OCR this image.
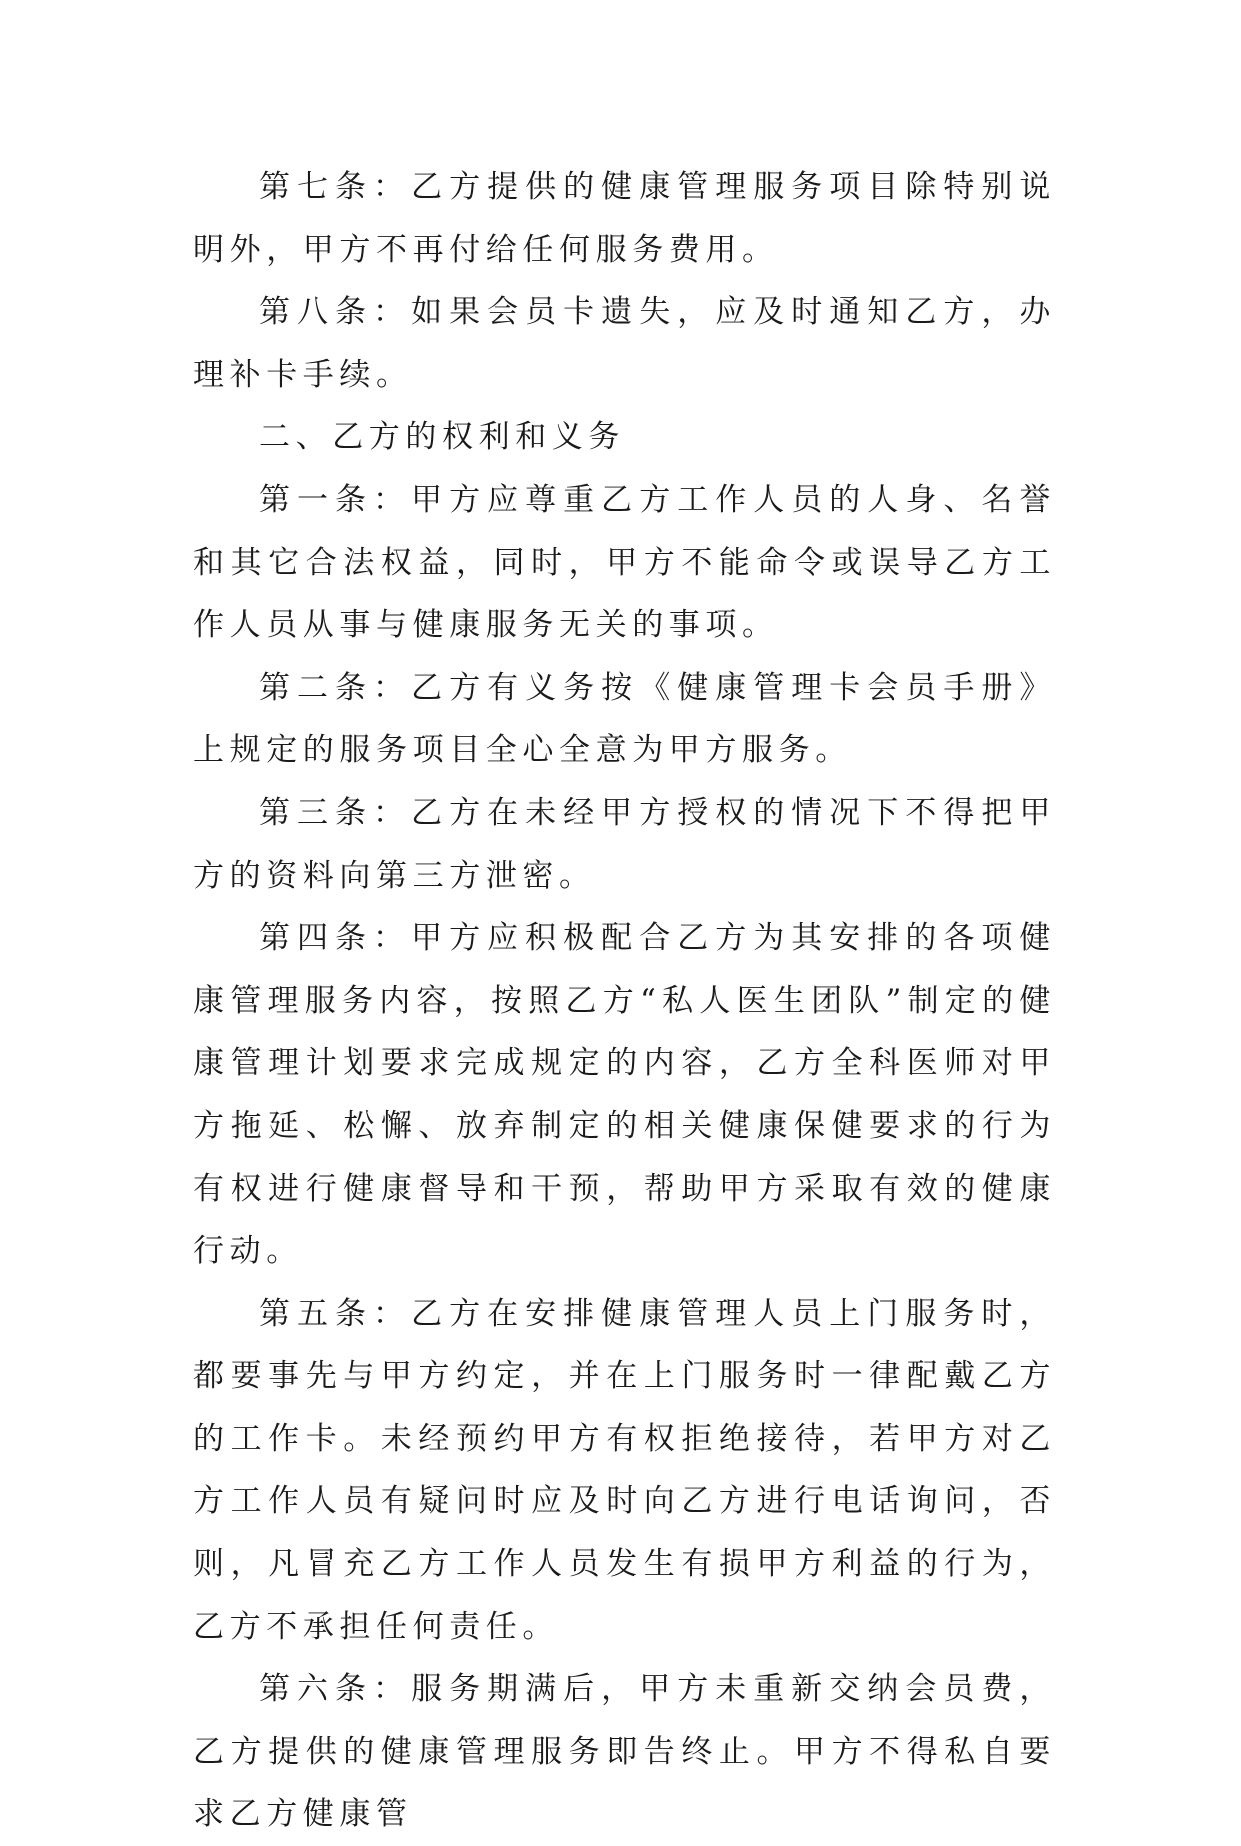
第七条：乙方提供的健康管理服务项目除特别说明外，甲方不再付给任何服务费用。

第八条：如果会员卡遗失，应及时通知乙方，办理补卡手续。

二、乙方的权利和义务

第一条：甲方应尊重乙方工作人员的人身、名誉和其它合法权益，同时，甲方不能命令或误导乙方工作人员从事与健康服务无关的事项。

第二条：乙方有义务按《健康管理卡会员手册》上规定的服务项目全心全意为甲方服务。

第三条：乙方在未经甲方授权的情况下不得把甲方的资料向第三方泄密。

第四条：甲方应积极配合乙方为其安排的各项健康管理服务内容，按照乙方“私人医生团队”制定的健康管理计划要求完成规定的内容，乙方全科医师对甲方拖延、松懈、放弃制定的相关健康保健要求的行为有权进行健康督导和干预，帮助甲方采取有效的健康行动。

第五条：乙方在安排健康管理人员上门服务时，都要事先与甲方约定，并在上门服务时一律配戴乙方的工作卡。未经预约甲方有权拒绝接待，若甲方对乙方工作人员有疑问时应及时向乙方进行电话询问，否则，凡冒充乙方工作人员发生有损甲方利益的行为，乙方不承担任何责任。

第六条：服务期满后，甲方未重新交纳会员费，乙方提供的健康管理服务即告终止。甲方不得私自要求乙方健康管
